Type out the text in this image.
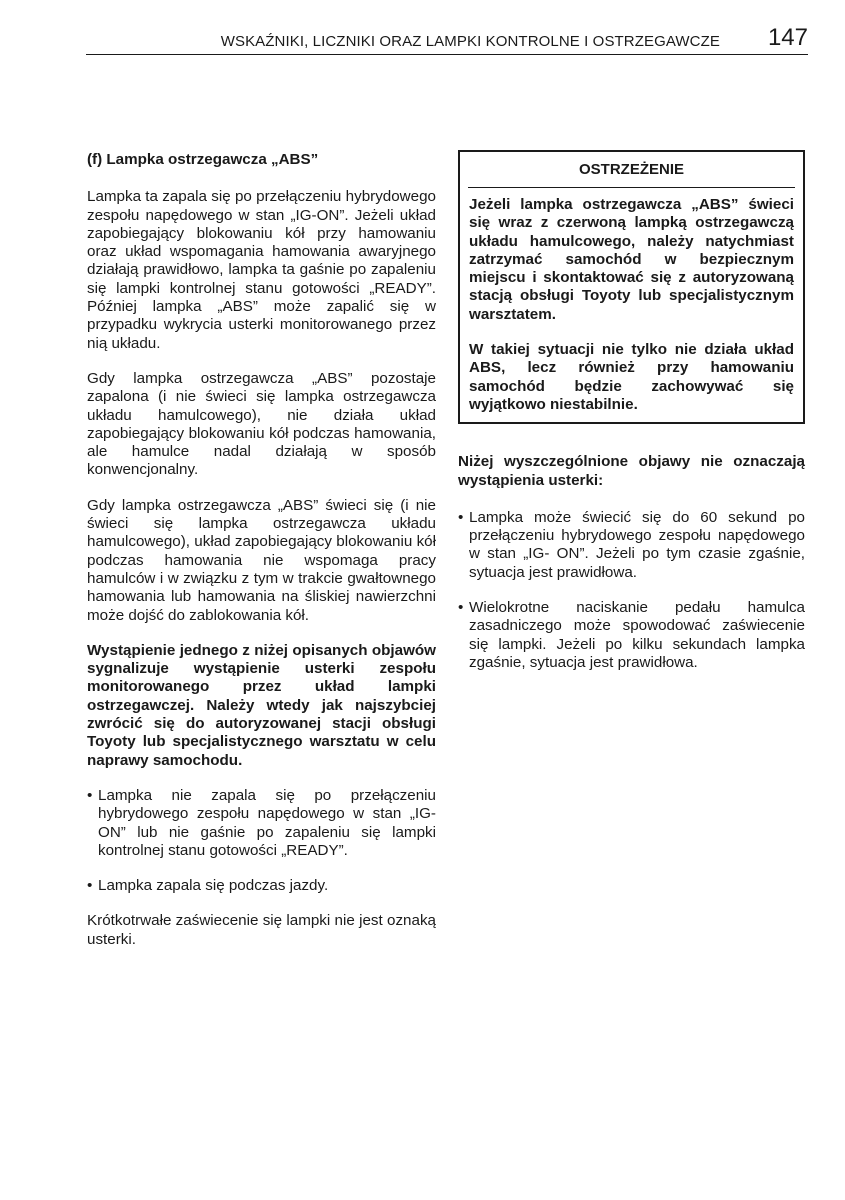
WSKAŹNIKI, LICZNIKI ORAZ LAMPKI KONTROLNE I OSTRZEGAWCZE 147

(f) Lampka ostrzegawcza „ABS”

Lampka ta zapala się po przełączeniu hybrydowego zespołu napędowego w stan „IG-ON”. Jeżeli układ zapobiegający blokowaniu kół przy hamowaniu oraz układ wspomagania hamowania awaryjnego działają prawidłowo, lampka ta gaśnie po zapaleniu się lampki kontrolnej stanu gotowości „READY”. Później lampka „ABS” może zapalić się w przypadku wykrycia usterki monitorowanego przez nią układu.

Gdy lampka ostrzegawcza „ABS” pozostaje zapalona (i nie świeci się lampka ostrzegawcza układu hamulcowego), nie działa układ zapobiegający blokowaniu kół podczas hamowania, ale hamulce nadal działają w sposób konwencjonalny.

Gdy lampka ostrzegawcza „ABS” świeci się (i nie świeci się lampka ostrzegawcza układu hamulcowego), układ zapobiegający blokowaniu kół podczas hamowania nie wspomaga pracy hamulców i w związku z tym w trakcie gwałtownego hamowania lub hamowania na śliskiej nawierzchni może dojść do zablokowania kół.

Wystąpienie jednego z niżej opisanych objawów sygnalizuje wystąpienie usterki zespołu monitorowanego przez układ lampki ostrzegawczej. Należy wtedy jak najszybciej zwrócić się do autoryzowanej stacji obsługi Toyoty lub specjalistycznego warsztatu w celu naprawy samochodu.

• Lampka nie zapala się po przełączeniu hybrydowego zespołu napędowego w stan „IG- ON” lub nie gaśnie po zapaleniu się lampki kontrolnej stanu gotowości „READY”.

• Lampka zapala się podczas jazdy.

Krótkotrwałe zaświecenie się lampki nie jest oznaką usterki.

OSTRZEŻENIE

Jeżeli lampka ostrzegawcza „ABS” świeci się wraz z czerwoną lampką ostrzegawczą układu hamulcowego, należy natychmiast zatrzymać samochód w bezpiecznym miejscu i skontaktować się z autoryzowaną stacją obsługi Toyoty lub specjalistycznym warsztatem.

W takiej sytuacji nie tylko nie działa układ ABS, lecz również przy hamowaniu samochód będzie zachowywać się wyjątkowo niestabilnie.

Niżej wyszczególnione objawy nie oznaczają wystąpienia usterki:

• Lampka może świecić się do 60 sekund po przełączeniu hybrydowego zespołu napędowego w stan „IG- ON”. Jeżeli po tym czasie zgaśnie, sytuacja jest prawidłowa.

• Wielokrotne naciskanie pedału hamulca zasadniczego może spowodować zaświecenie się lampki. Jeżeli po kilku sekundach lampka zgaśnie, sytuacja jest prawidłowa.
